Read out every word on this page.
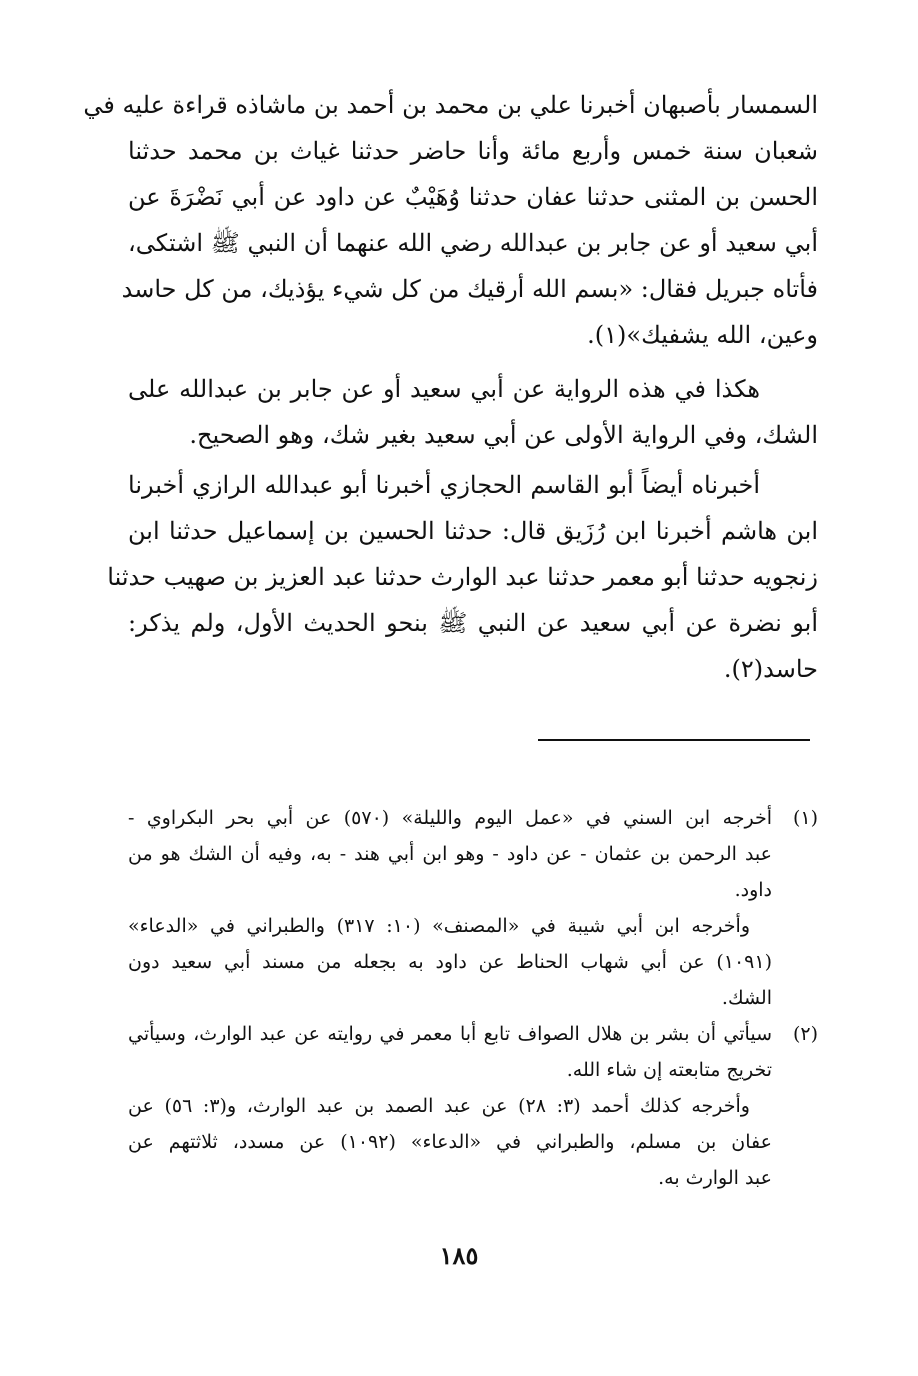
السمسار بأصبهان أخبرنا علي بن محمد بن أحمد بن ماشاذه قراءة عليه في
شعبان سنة خمس وأربع مائة وأنا حاضر حدثنا غياث بن محمد حدثنا
الحسن بن المثنى حدثنا عفان حدثنا وُهَيْبٌ عن داود عن أبي نَضْرَةَ عن
أبي سعيد أو عن جابر بن عبدالله رضي الله عنهما أن النبي ﷺ اشتكى،
فأتاه جبريل فقال: «بسم الله أرقيك من كل شيء يؤذيك، من كل حاسد
وعين، الله يشفيك»(١).
هكذا في هذه الرواية عن أبي سعيد أو عن جابر بن عبدالله على
الشك، وفي الرواية الأولى عن أبي سعيد بغير شك، وهو الصحيح.
أخبرناه أيضاً أبو القاسم الحجازي أخبرنا أبو عبدالله الرازي أخبرنا
ابن هاشم أخبرنا ابن رُزَيق قال: حدثنا الحسين بن إسماعيل حدثنا ابن
زنجويه حدثنا أبو معمر حدثنا عبد الوارث حدثنا عبد العزيز بن صهيب حدثنا
أبو نضرة عن أبي سعيد عن النبي ﷺ بنحو الحديث الأول، ولم يذكر:
حاسد(٢).
(١)
أخرجه ابن السني في «عمل اليوم والليلة» (٥٧٠) عن أبي بحر البكراوي -
عبد الرحمن بن عثمان - عن داود - وهو ابن أبي هند - به، وفيه أن الشك هو من
داود.
وأخرجه ابن أبي شيبة في «المصنف» (١٠: ٣١٧) والطبراني في «الدعاء»
(١٠٩١) عن أبي شهاب الحناط عن داود به بجعله من مسند أبي سعيد دون
الشك.
(٢)
سيأتي أن بشر بن هلال الصواف تابع أبا معمر في روايته عن عبد الوارث، وسيأتي
تخريج متابعته إن شاء الله.
وأخرجه كذلك أحمد (٣: ٢٨) عن عبد الصمد بن عبد الوارث، و(٣: ٥٦) عن
عفان بن مسلم، والطبراني في «الدعاء» (١٠٩٢) عن مسدد، ثلاثتهم عن
عبد الوارث به.
١٨٥
